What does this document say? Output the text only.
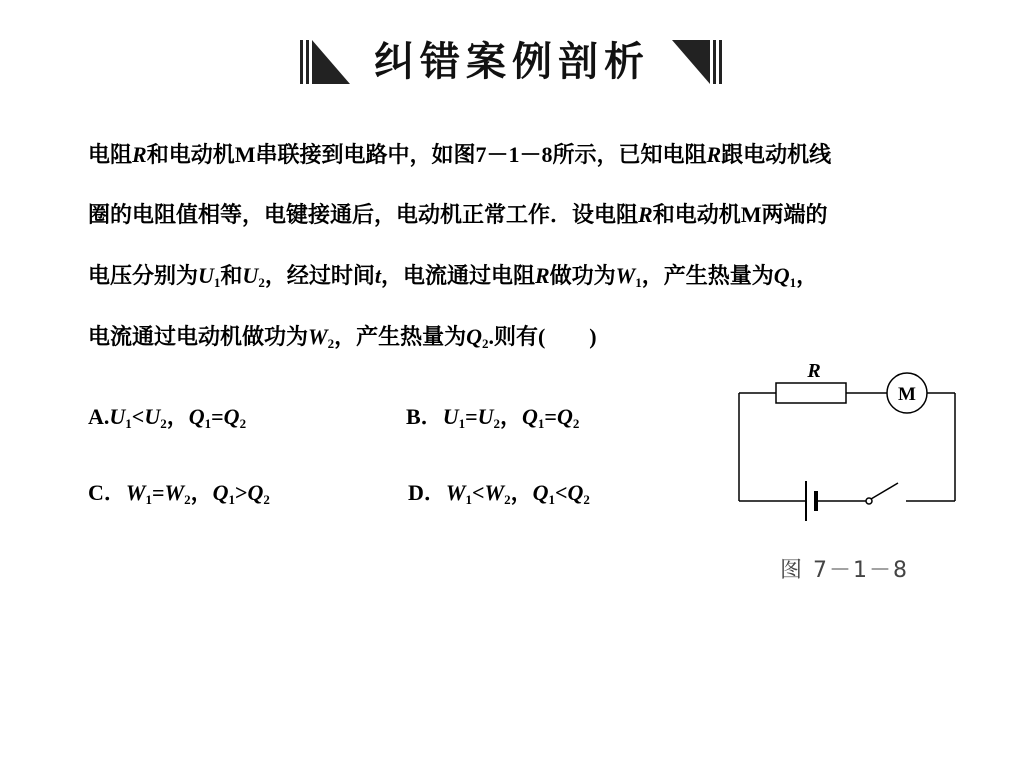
纠错案例剖析
电阻R和电动机M串联接到电路中，如图7－1－8所示，已知电阻R跟电动机线
圈的电阻值相等，电键接通后，电动机正常工作．设电阻R和电动机M两端的
电压分别为$U_1$和$U_2$，经过时间t，电流通过电阻R做功为$W_1$，产生热量为$Q_1$，
电流通过电动机做功为$W_2$，产生热量为$Q_2$.则有(　　)
$A.U_1<U_2$，$Q_1=Q_2$	B．$U_1=U_2$，$Q_1=Q_2$
C．$W_1=W_2$，$Q_1>Q_2$	D．$W_1<W_2$，$Q_1<Q_2$
R
M
图 7－1－8
